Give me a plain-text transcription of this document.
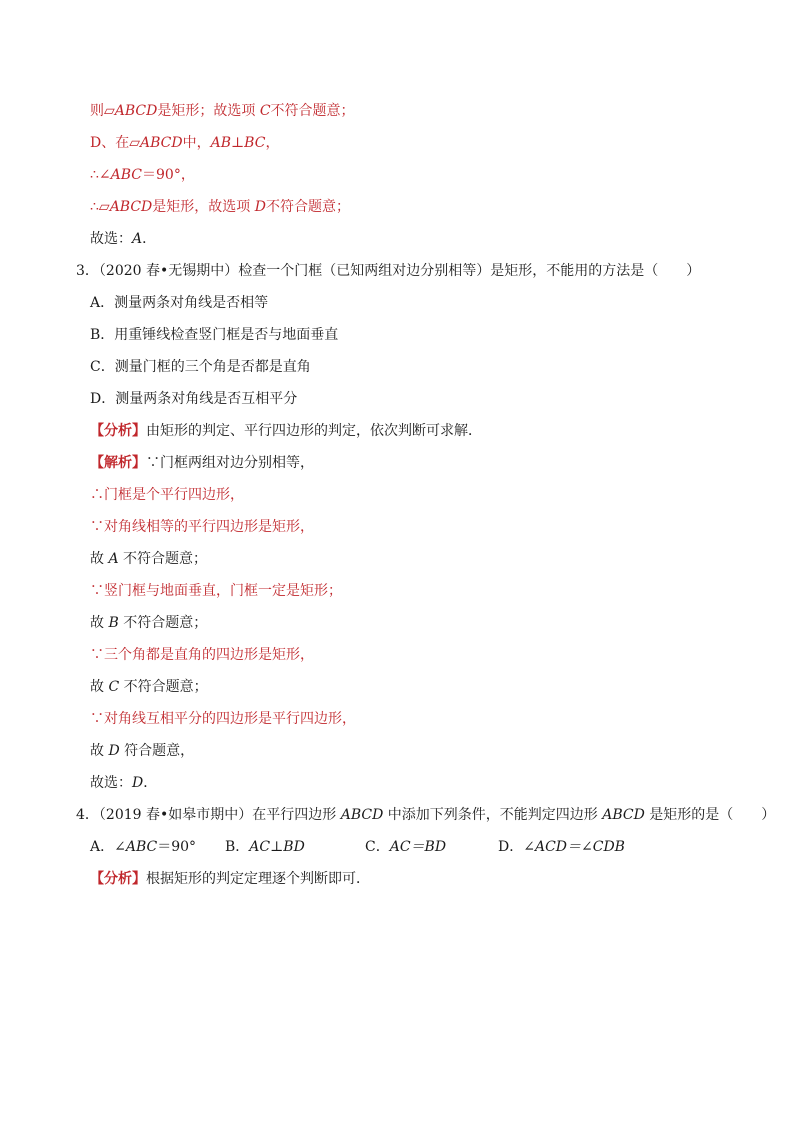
则▱ABCD是矩形；故选项 C不符合题意；
D、在▱ABCD中，AB⊥BC，
∴∠ABC＝90°，
∴▱ABCD是矩形，故选项 D不符合题意；
故选：A．
3．（2020 春•无锡期中）检查一个门框（已知两组对边分别相等）是矩形，不能用的方法是（　　）
A．测量两条对角线是否相等
B．用重锤线检查竖门框是否与地面垂直
C．测量门框的三个角是否都是直角
D．测量两条对角线是否互相平分
【分析】由矩形的判定、平行四边形的判定，依次判断可求解．
【解析】∵门框两组对边分别相等，
∴门框是个平行四边形，
∵对角线相等的平行四边形是矩形，
故 A 不符合题意；
∵竖门框与地面垂直，门框一定是矩形；
故 B 不符合题意；
∵三个角都是直角的四边形是矩形，
故 C 不符合题意；
∵对角线互相平分的四边形是平行四边形，
故 D 符合题意，
故选：D．
4．（2019 春•如皋市期中）在平行四边形 ABCD 中添加下列条件，不能判定四边形 ABCD 是矩形的是（　　）
A．∠ABC＝90° B．AC⊥BD	C．AC＝BD	D．∠ACD＝∠CDB
【分析】根据矩形的判定定理逐个判断即可．
